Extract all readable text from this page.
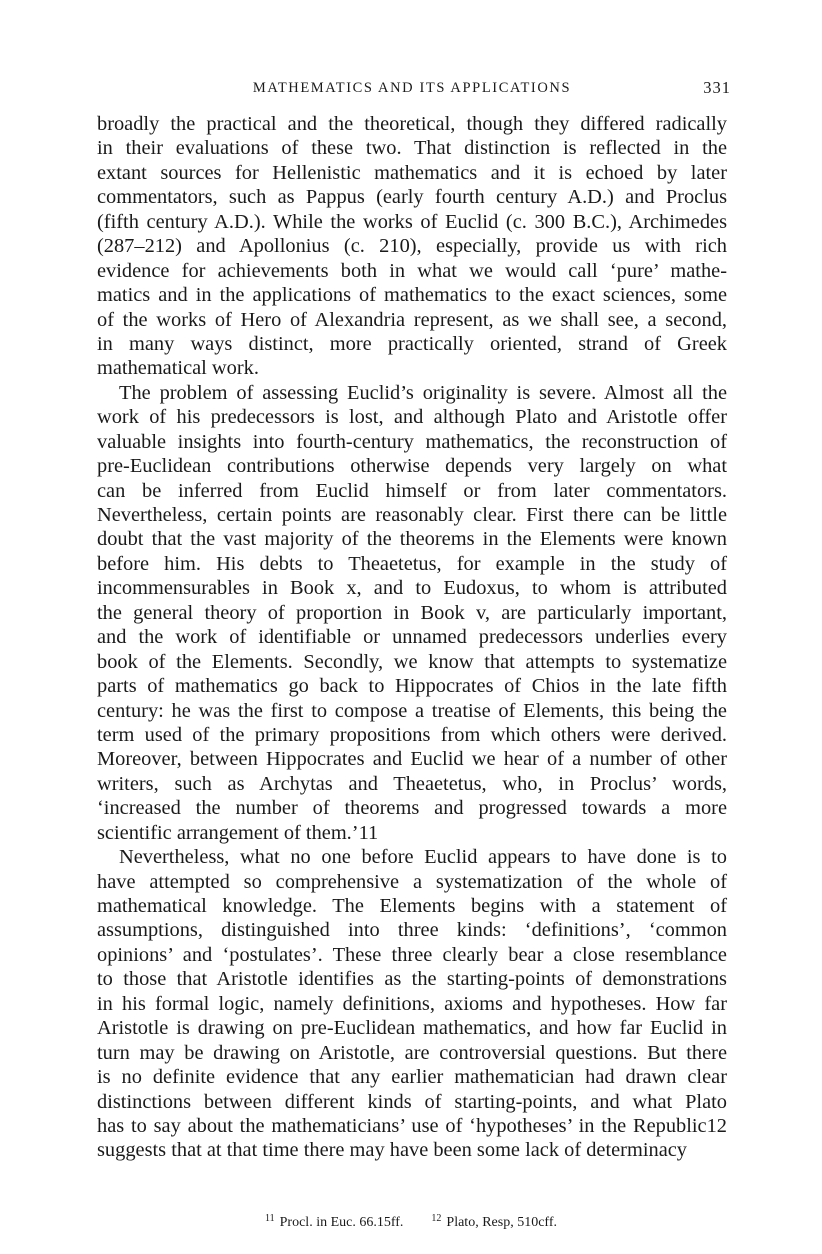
MATHEMATICS AND ITS APPLICATIONS	331
broadly the practical and the theoretical, though they differed radically
in their evaluations of these two. That distinction is reflected in the
extant sources for Hellenistic mathematics and it is echoed by later
commentators, such as Pappus (early fourth century A.D.) and Proclus
(fifth century A.D.). While the works of Euclid (c. 300 B.C.), Archimedes
(287–212) and Apollonius (c. 210), especially, provide us with rich
evidence for achievements both in what we would call ‘pure’ mathe-
matics and in the applications of mathematics to the exact sciences, some
of the works of Hero of Alexandria represent, as we shall see, a second,
in many ways distinct, more practically oriented, strand of Greek
mathematical work.
The problem of assessing Euclid’s originality is severe. Almost all the
work of his predecessors is lost, and although Plato and Aristotle offer
valuable insights into fourth-century mathematics, the reconstruction of
pre-Euclidean contributions otherwise depends very largely on what
can be inferred from Euclid himself or from later commentators.
Nevertheless, certain points are reasonably clear. First there can be little
doubt that the vast majority of the theorems in the Elements were known
before him. His debts to Theaetetus, for example in the study of
incommensurables in Book x, and to Eudoxus, to whom is attributed
the general theory of proportion in Book v, are particularly important,
and the work of identifiable or unnamed predecessors underlies every
book of the Elements. Secondly, we know that attempts to systematize
parts of mathematics go back to Hippocrates of Chios in the late fifth
century: he was the first to compose a treatise of Elements, this being the
term used of the primary propositions from which others were derived.
Moreover, between Hippocrates and Euclid we hear of a number of other
writers, such as Archytas and Theaetetus, who, in Proclus’ words,
‘increased the number of theorems and progressed towards a more
scientific arrangement of them.’11
Nevertheless, what no one before Euclid appears to have done is to
have attempted so comprehensive a systematization of the whole of
mathematical knowledge. The Elements begins with a statement of
assumptions, distinguished into three kinds: ‘definitions’, ‘common
opinions’ and ‘postulates’. These three clearly bear a close resemblance
to those that Aristotle identifies as the starting-points of demonstrations
in his formal logic, namely definitions, axioms and hypotheses. How far
Aristotle is drawing on pre-Euclidean mathematics, and how far Euclid in
turn may be drawing on Aristotle, are controversial questions. But there
is no definite evidence that any earlier mathematician had drawn clear
distinctions between different kinds of starting-points, and what Plato
has to say about the mathematicians’ use of ‘hypotheses’ in the Republic12
suggests that at that time there may have been some lack of determinacy
$^{11}$ Procl. in Euc. 66.15ff.	$^{12}$ Plato, Resp, 510cff.
